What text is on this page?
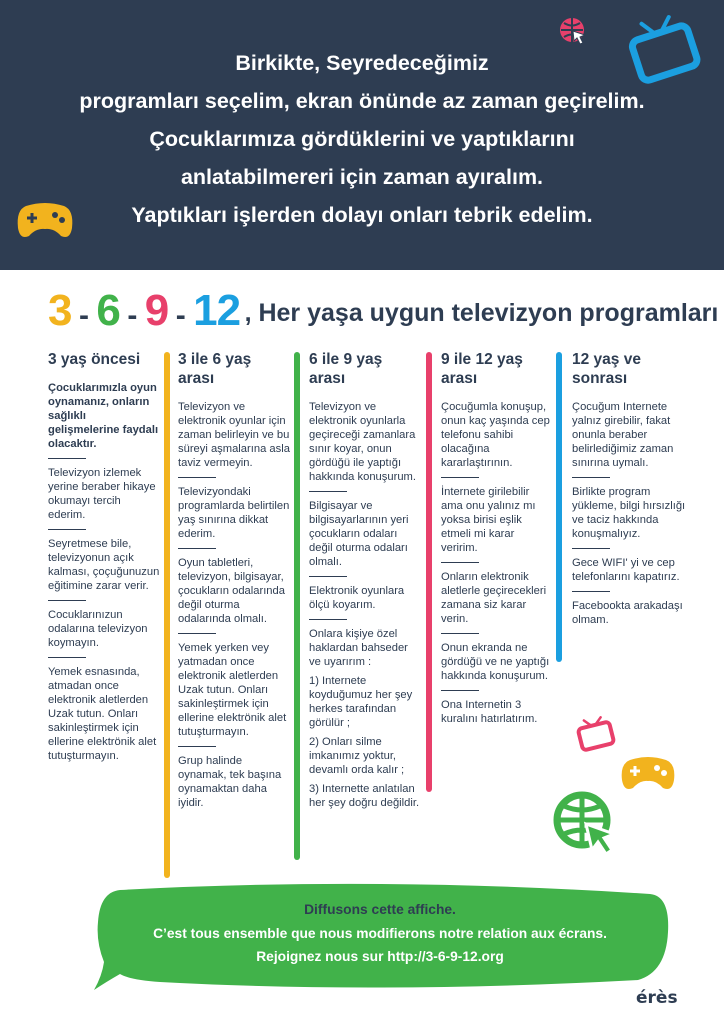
Birkikte, Seyredeceğimiz
programları seçelim, ekran önünde az zaman geçirelim.
Çocuklarımıza gördüklerini ve yaptıklarını
anlatabilmereri için zaman ayıralım.
Yaptıkları işlerden dolayı onları tebrik edelim.
3 - 6 - 9 - 12 , Her yaşa uygun televizyon programları
3 yaş öncesi
Çocuklarımızla oyun oynamanız, onların sağlıklı gelişmelerine faydalı olacaktır.
Televizyon izlemek yerine beraber hikaye okumayı tercih ederim.
Seyretmese bile, televizyonun açık kalması, çoçuğunuzun eğitimine zarar verir.
Cocuklarınızun odalarına televizyon koymayın.
Yemek esnasında, atmadan once elektronik aletlerden Uzak tutun. Onları sakinleştirmek için ellerine elektrönik alet tutuşturmayın.
3 ile 6 yaş arası
Televizyon ve elektronik oyunlar için zaman belirleyin ve bu süreyi aşmalarına asla taviz vermeyin.
Televizyondaki programlarda belirtilen yaş sınırına dikkat ederim.
Oyun tabletleri, televizyon, bilgisayar, çocukların odalarında değil oturma odalarında olmalı.
Yemek yerken vey yatmadan once elektronik aletlerden Uzak tutun. Onları sakinleştirmek için ellerine elektrönik alet tutuşturmayın.
Grup halinde oynamak, tek başına oynamaktan daha iyidir.
6 ile 9 yaş arası
Televizyon ve elektronik oyunlarla geçireceği zamanlara sınır koyar, onun gördüğü ile yaptığı hakkında konuşurum.
Bilgisayar ve bilgisayarlarının yeri çocukların odaları değil oturma odaları olmalı.
Elektronik oyunlara ölçü koyarım.
Onlara kişiye özel haklardan bahseder ve uyarırım :
1) Internete koyduğumuz her şey herkes tarafından görülür ;
2) Onları silme imkanımız yoktur, devamlı orda kalır ;
3) Internette anlatılan her şey doğru değildir.
9 ile 12 yaş arası
Çocuğumla konuşup, onun kaç yaşında cep telefonu sahibi olacağına kararlaştırının.
İnternete girilebilir ama onu yalınız mı yoksa birisi eşlik etmeli mi karar veririm.
Onların elektronik aletlerle geçirecekleri zamana siz karar verin.
Onun ekranda ne gördüğü ve ne yaptığı hakkında konuşurum.
Ona Internetin 3 kuralını hatırlatırım.
12 yaş ve sonrası
Çocuğum Internete yalnız girebilir, fakat onunla beraber belirlediğimiz zaman sınırına uymalı.
Birlikte program yükleme, bilgi hırsızlığı ve taciz hakkında konuşmalıyız.
Gece WIFI' yi ve cep telefonlarını kapatırız.
Facebookta arakadaşı olmam.
Diffusons cette affiche.
C’est tous ensemble que nous modifierons notre relation aux écrans.
Rejoignez nous sur http://3-6-9-12.org
érès
